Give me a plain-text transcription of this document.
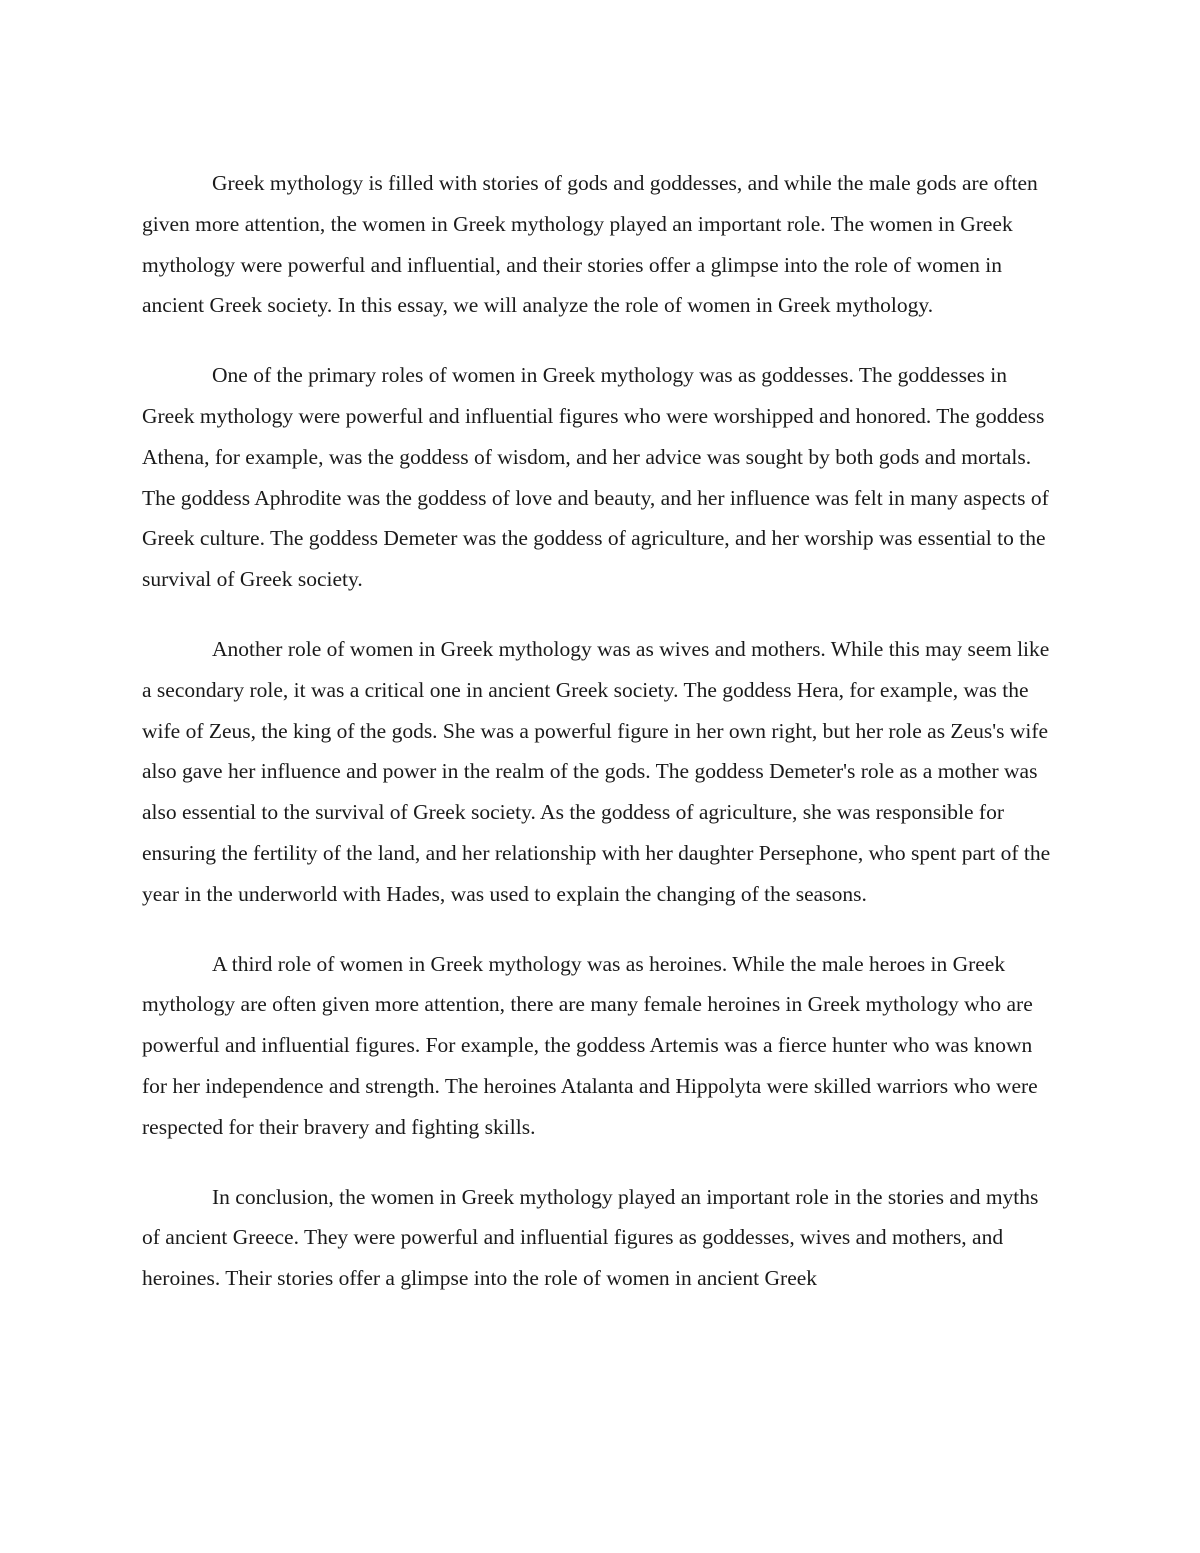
Greek mythology is filled with stories of gods and goddesses, and while the male gods are often given more attention, the women in Greek mythology played an important role. The women in Greek mythology were powerful and influential, and their stories offer a glimpse into the role of women in ancient Greek society. In this essay, we will analyze the role of women in Greek mythology.

One of the primary roles of women in Greek mythology was as goddesses. The goddesses in Greek mythology were powerful and influential figures who were worshipped and honored. The goddess Athena, for example, was the goddess of wisdom, and her advice was sought by both gods and mortals. The goddess Aphrodite was the goddess of love and beauty, and her influence was felt in many aspects of Greek culture. The goddess Demeter was the goddess of agriculture, and her worship was essential to the survival of Greek society.

Another role of women in Greek mythology was as wives and mothers. While this may seem like a secondary role, it was a critical one in ancient Greek society. The goddess Hera, for example, was the wife of Zeus, the king of the gods. She was a powerful figure in her own right, but her role as Zeus's wife also gave her influence and power in the realm of the gods. The goddess Demeter's role as a mother was also essential to the survival of Greek society. As the goddess of agriculture, she was responsible for ensuring the fertility of the land, and her relationship with her daughter Persephone, who spent part of the year in the underworld with Hades, was used to explain the changing of the seasons.

A third role of women in Greek mythology was as heroines. While the male heroes in Greek mythology are often given more attention, there are many female heroines in Greek mythology who are powerful and influential figures. For example, the goddess Artemis was a fierce hunter who was known for her independence and strength. The heroines Atalanta and Hippolyta were skilled warriors who were respected for their bravery and fighting skills.

In conclusion, the women in Greek mythology played an important role in the stories and myths of ancient Greece. They were powerful and influential figures as goddesses, wives and mothers, and heroines. Their stories offer a glimpse into the role of women in ancient Greek
